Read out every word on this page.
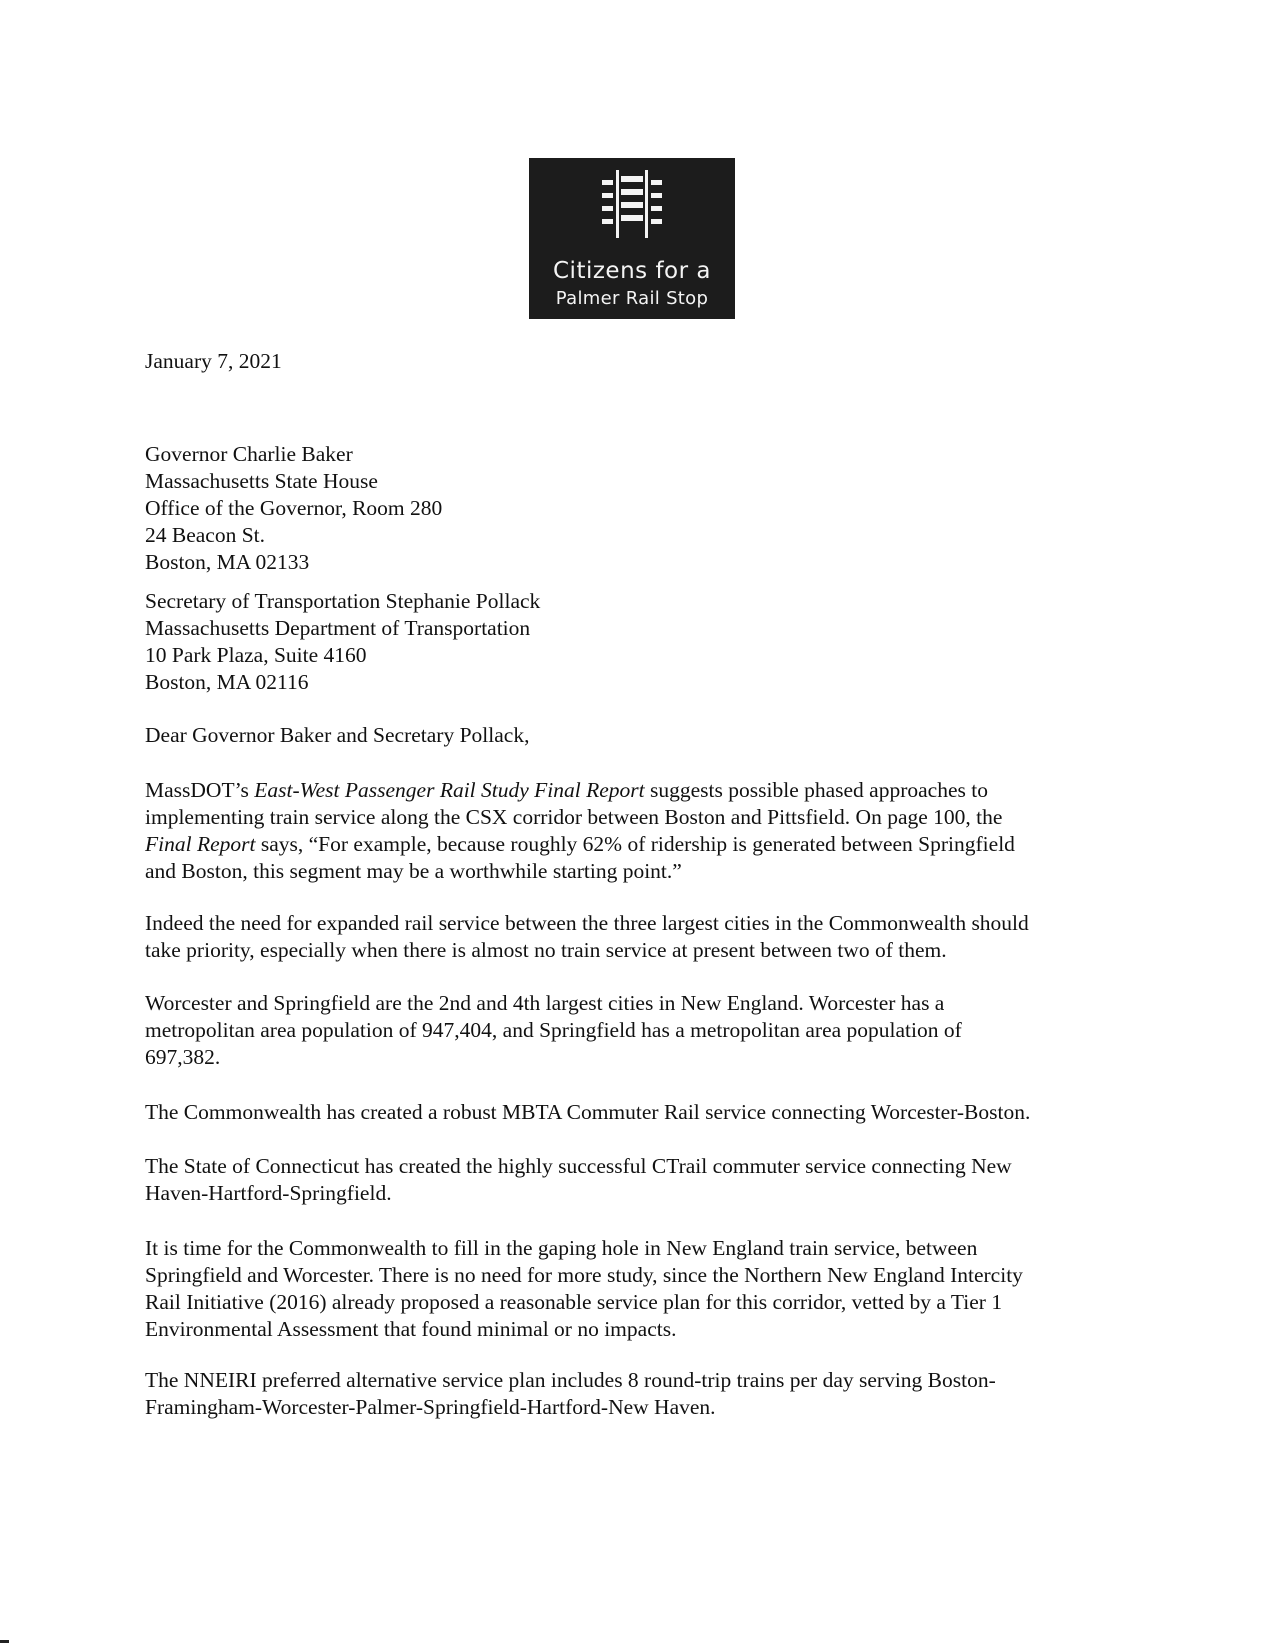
Citizens for a
Palmer Rail Stop
January 7, 2021

Governor Charlie Baker

Massachusetts State House

Office of the Governor, Room 280

24 Beacon St.

Boston, MA 02133

Secretary of Transportation Stephanie Pollack

Massachusetts Department of Transportation

10 Park Plaza, Suite 4160

Boston, MA 02116

Dear Governor Baker and Secretary Pollack,

MassDOT’s East-West Passenger Rail Study Final Report suggests possible phased approaches to

implementing train service along the CSX corridor between Boston and Pittsfield. On page 100, the

Final Report says, “For example, because roughly 62% of ridership is generated between Springfield

and Boston, this segment may be a worthwhile starting point.”

Indeed the need for expanded rail service between the three largest cities in the Commonwealth should

take priority, especially when there is almost no train service at present between two of them.

Worcester and Springfield are the 2nd and 4th largest cities in New England. Worcester has a

metropolitan area population of 947,404, and Springfield has a metropolitan area population of

697,382.

The Commonwealth has created a robust MBTA Commuter Rail service connecting Worcester-Boston.

The State of Connecticut has created the highly successful CTrail commuter service connecting New

Haven-Hartford-Springfield.

It is time for the Commonwealth to fill in the gaping hole in New England train service, between

Springfield and Worcester. There is no need for more study, since the Northern New England Intercity

Rail Initiative (2016) already proposed a reasonable service plan for this corridor, vetted by a Tier 1

Environmental Assessment that found minimal or no impacts.

The NNEIRI preferred alternative service plan includes 8 round-trip trains per day serving Boston-

Framingham-Worcester-Palmer-Springfield-Hartford-New Haven.
